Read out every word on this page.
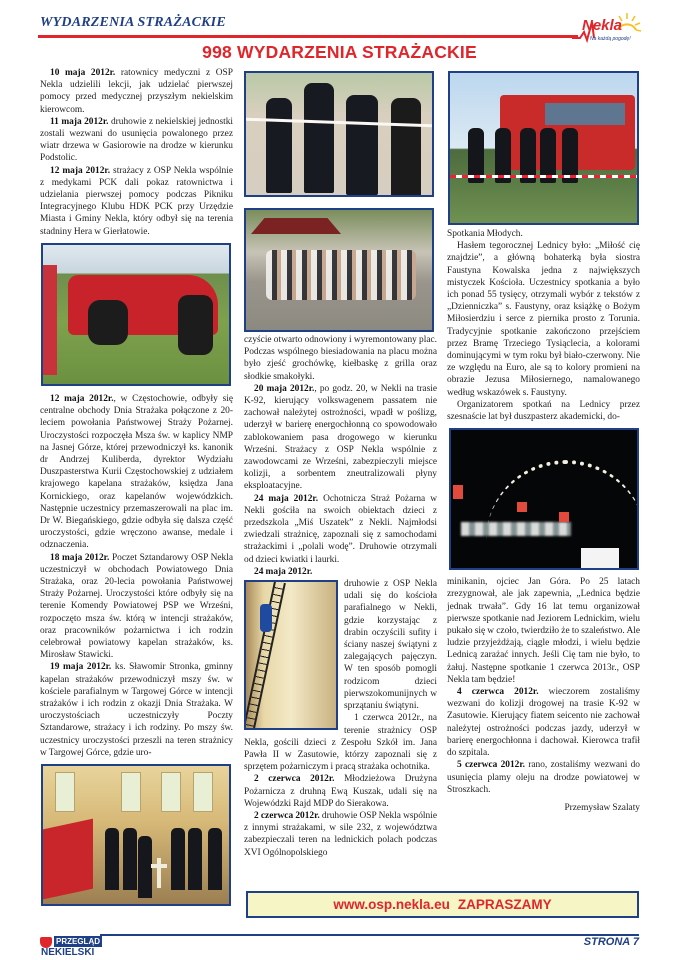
WYDARZENIA STRAŻACKIE	Nekla
Na każdą pogodę!
998 WYDARZENIA STRAŻACKIE

10 maja 2012r. ratownicy medyczni z OSP Nekla udzielili lekcji, jak udzielać pierwszej pomocy przed medycznej przyszłym nekielskim kierowcom.

11 maja 2012r. druhowie z nekielskiej jednostki zostali wezwani do usunięcia powalonego przez wiatr drzewa w Gasiorowie na drodze w kierunku Podstolic.

12 maja 2012r. strażacy z OSP Nekla wspólnie z medykami PCK dali pokaz ratownictwa i udzielania pierwszej pomocy podczas Pikniku Integracyjnego Klubu HDK PCK przy Urzędzie Miasta i Gminy Nekla, który odbył się na terenia stadniny Hera w Gierłatowie.

12 maja 2012r., w Częstochowie, odbyły się centralne obchody Dnia Strażaka połączone z 20-leciem powołania Państwowej Straży Pożarnej. Uroczystości rozpoczęła Msza św. w kaplicy NMP na Jasnej Górze, której przewodniczył ks. kanonik dr Andrzej Kuliberda, dyrektor Wydziału Duszpasterstwa Kurii Częstochowskiej z udziałem krajowego kapelana strażaków, księdza Jana Kornickiego, oraz kapelanów wojewódzkich. Następnie uczestnicy przemaszerowali na plac im. Dr W. Biegańskiego, gdzie odbyła się dalsza część uroczystości, gdzie wręczono awanse, medale i odznaczenia.

18 maja 2012r. Poczet Sztandarowy OSP Nekla uczestniczył w obchodach Powiatowego Dnia Strażaka, oraz 20-lecia powołania Państwowej Straży Pożarnej. Uroczystości które odbyły się na terenie Komendy Powiatowej PSP we Wrześni, rozpoczęto msza św. którą w intencji strażaków, oraz pracowników pożarnictwa i ich rodzin celebrował powiatowy kapelan strażaków, ks. Mirosław Stawicki.

19 maja 2012r. ks. Sławomir Stronka, gminny kapelan strażaków przewodniczył mszy św. w kościele parafialnym w Targowej Górce w intencji strażaków i ich rodzin z okazji Dnia Strażaka. W uroczystościach uczestniczyły Poczty Sztandarowe, strażacy i ich rodziny. Po mszy św. uczestnicy uroczystości przeszli na teren strażnicy w Targowej Górce, gdzie uro-

czyście otwarto odnowiony i wyremontowany plac. Podczas wspólnego biesiadowania na placu można było zjeść grochówkę, kiełbaskę z grilla oraz słodkie smakołyki.

20 maja 2012r., po godz. 20, w Nekli na trasie K-92, kierujący volkswagenem passatem nie zachował należytej ostrożności, wpadł w poślizg, uderzył w barierę energochłonną co spowodowało zablokowaniem pasa drogowego w kierunku Wrześni. Strażacy z OSP Nekla wspólnie z zawodowcami ze Wrześni, zabezpieczyli miejsce kolizji, a sorbentem zneutralizowali płyny eksploatacyjne.

24 maja 2012r. Ochotnicza Straż Pożarna w Nekli gościła na swoich obiektach dzieci z przedszkola „Miś Uszatek” z Nekli. Najmłodsi zwiedzali strażnicę, zapoznali się z samochodami strażackimi i „polali wodę”. Druhowie otrzymali od dzieci kwiatki i laurki.

24 maja 2012r.

druhowie z OSP Nekla udali się do kościoła parafialnego w Nekli, gdzie korzystając z drabin oczyścili sufity i ściany naszej świątyni z zalegających pajęczyn. W ten sposób pomogli rodzicom dzieci pierwszokomunijnych w sprzątaniu świątyni.

1 czerwca 2012r., na terenie strażnicy OSP Nekla, gościli dzieci z Zespołu Szkół im. Jana Pawła II w Zasutowie, którzy zapoznali się z sprzętem pożarniczym i pracą strażaka ochotnika.

2 czerwca 2012r. Młodzieżowa Drużyna Pożarnicza z druhną Ewą Kuszak, udali się na Wojewódzki Rajd MDP do Sierakowa.

2 czerwca 2012r. druhowie OSP Nekla wspólnie z innymi strażakami, w sile 232, z województwa zabezpieczali teren na lednickich polach podczas XVI Ogólnopolskiego

Spotkania Młodych.

Hasłem tegorocznej Lednicy było: „Miłość cię znajdzie”, a główną bohaterką była siostra Faustyna Kowalska jedna z największych mistyczek Kościoła. Uczestnicy spotkania a było ich ponad 55 tysięcy, otrzymali wybór z tekstów z „Dzienniczka” s. Faustyny, oraz książkę o Bożym Miłosierdziu i serce z piernika prosto z Torunia. Tradycyjnie spotkanie zakończono przejściem przez Bramę Trzeciego Tysiąclecia, a kolorami dominującymi w tym roku był biało-czerwony. Nie ze względu na Euro, ale są to kolory promieni na obrazie Jezusa Miłosiernego, namalowanego według wskazówek s. Faustyny.

Organizatorem spotkań na Lednicy przez szesnaście lat był duszpasterz akademicki, do-

minikanin, ojciec Jan Góra. Po 25 latach zrezygnował, ale jak zapewnia, „Lednica będzie jednak trwała”. Gdy 16 lat temu organizował pierwsze spotkanie nad Jeziorem Lednickim, wielu pukało się w czoło, twierdziło że to szaleństwo. Ale ludzie przyjeżdżają, ciągle młodzi, i wielu będzie Lednicą zarażać innych. Jeśli Cię tam nie było, to żałuj. Następne spotkanie 1 czerwca 2013r., OSP Nekla tam będzie!

4 czerwca 2012r. wieczorem zostaliśmy wezwani do kolizji drogowej na trasie K-92 w Zasutowie. Kierujący fiatem seicento nie zachował należytej ostrożności podczas jazdy, uderzył w barierę energochłonna i dachował. Kierowca trafił do szpitala.

5 czerwca 2012r. rano, zostaliśmy wezwani do usunięcia plamy oleju na drodze powiatowej w Stroszkach.

Przemysław Szalaty

www.osp.nekla.eu ZAPRASZAMY
PRZEGLĄD
NEKIELSKI
STRONA 7
